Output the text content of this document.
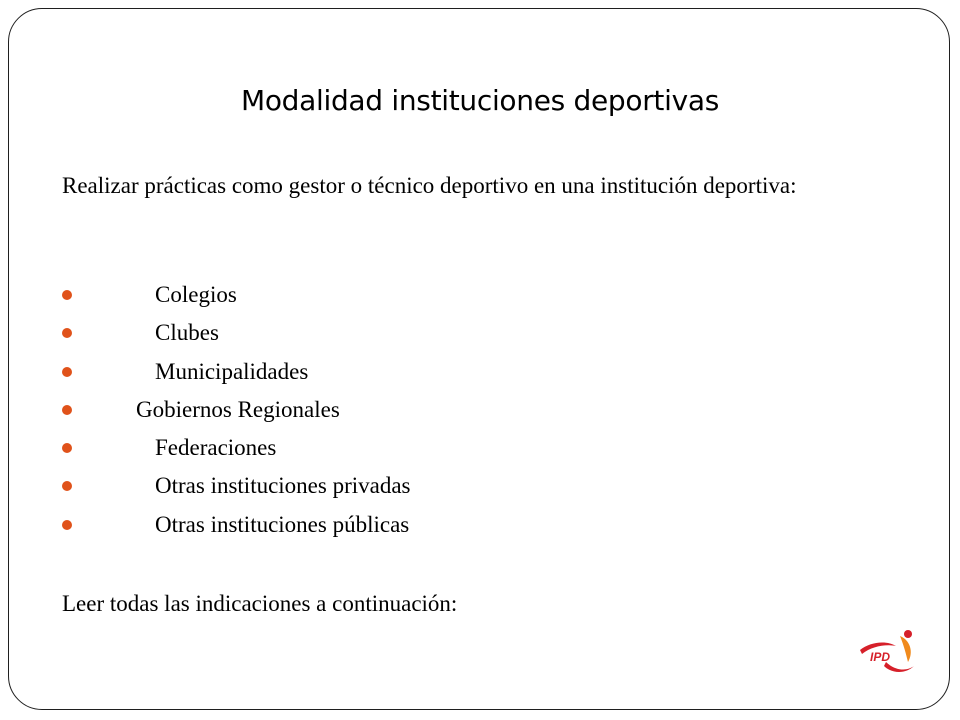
Modalidad instituciones deportivas
Realizar prácticas como gestor o técnico deportivo en una institución deportiva:
Colegios
Clubes
Municipalidades
Gobiernos Regionales
Federaciones
Otras instituciones privadas
Otras instituciones públicas
Leer todas las indicaciones a continuación:
IPD
